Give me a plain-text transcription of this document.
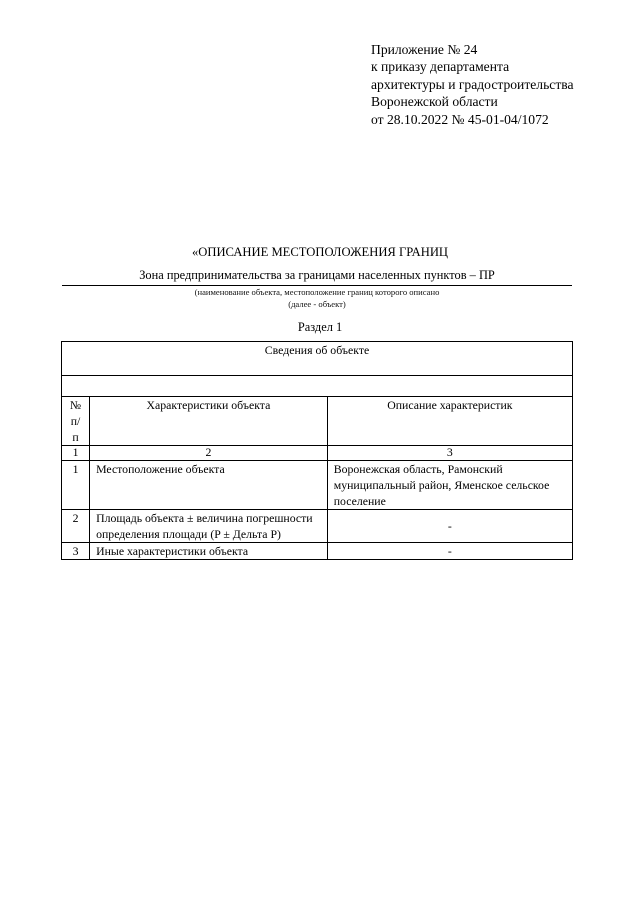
Приложение № 24
к приказу департамента
архитектуры и градостроительства
Воронежской области
от 28.10.2022 № 45-01-04/1072
«ОПИСАНИЕ МЕСТОПОЛОЖЕНИЯ ГРАНИЦ
Зона предпринимательства за границами населенных пунктов – ПР
(наименование объекта, местоположение границ которого описано
(далее - объект)
Раздел 1
Сведения об объекте		

№ п/п	Характеристики объекта	Описание характеристик
1	2	3
1	Местоположение объекта	Воронежская область, Рамонский муниципальный район, Яменское сельское поселение
2	Площадь объекта ± величина погрешности определения площади (P ± Дельта P)	-
3	Иные характеристики объекта	-
